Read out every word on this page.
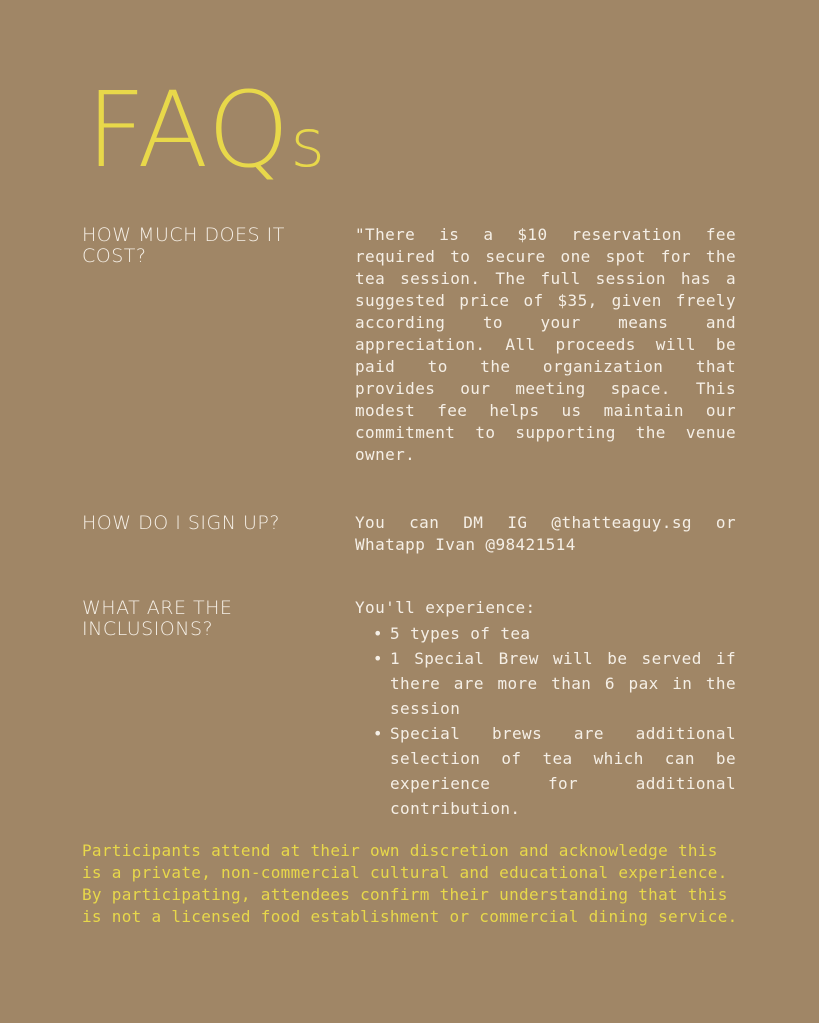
FAQs
HOW MUCH DOES IT COST?

"There is a $10 reservation fee required to secure one spot for the tea session. The full session has a suggested price of $35, given freely according to your means and appreciation. All proceeds will be paid to the organization that provides our meeting space. This modest fee helps us maintain our commitment to supporting the venue owner.

HOW DO I SIGN UP?	You can DM IG @thatteaguy.sg or Whatapp Ivan @98421514

WHAT ARE THE INCLUSIONS?
You'll experience:
• 5 types of tea
• 1 Special Brew will be served if there are more than 6 pax in the session
• Special brews are additional selection of tea which can be experience for additional contribution.

Participants attend at their own discretion and acknowledge this is a private, non-commercial cultural and educational experience. By participating, attendees confirm their understanding that this is not a licensed food establishment or commercial dining service.
